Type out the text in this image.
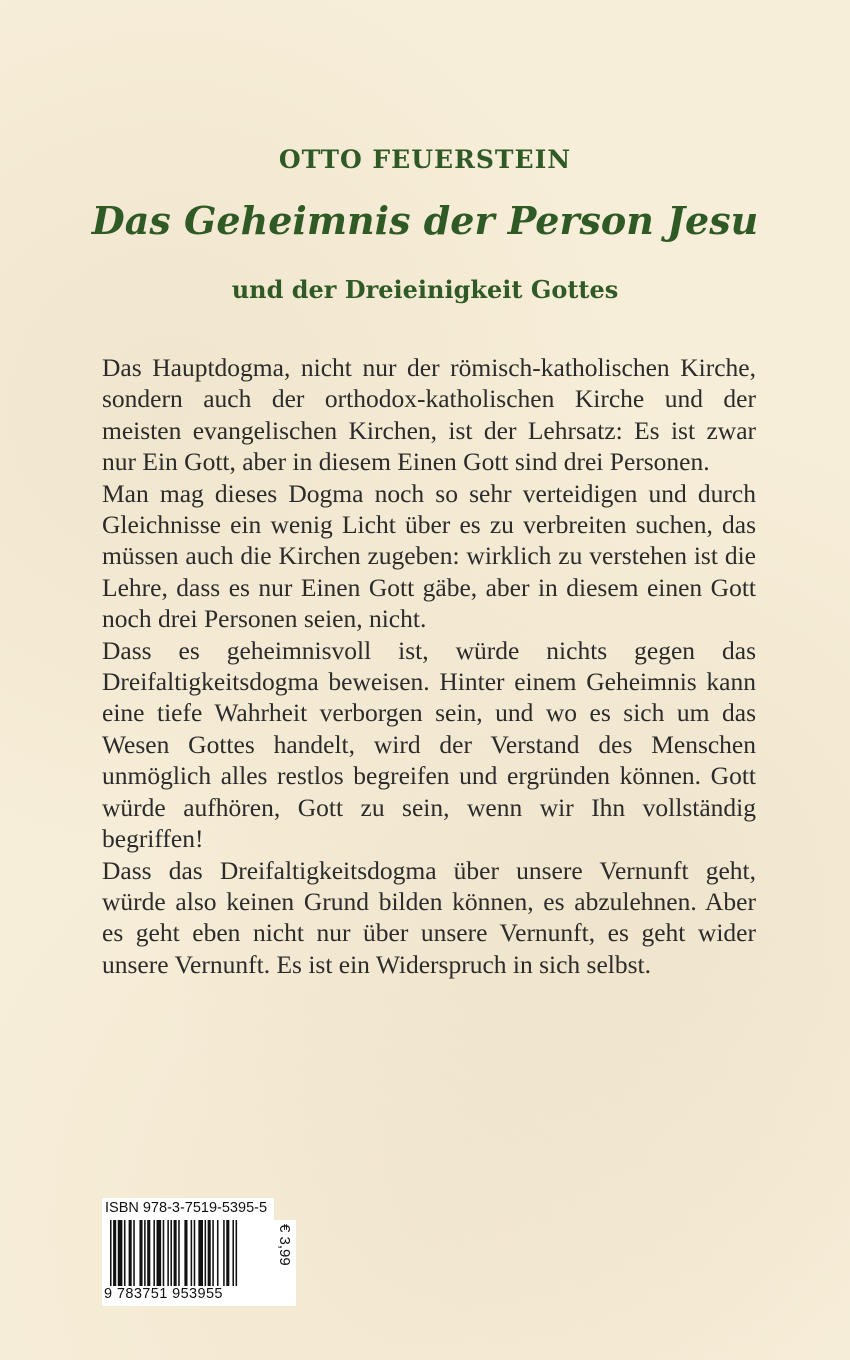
OTTO FEUERSTEIN
Das Geheimnis der Person Jesu
und der Dreieinigkeit Gottes

Das Hauptdogma, nicht nur der römisch-katholischen Kirche, sondern auch der orthodox-katholischen Kirche und der meisten evangelischen Kirchen, ist der Lehrsatz: Es ist zwar nur Ein Gott, aber in diesem Einen Gott sind drei Personen.

Man mag dieses Dogma noch so sehr verteidigen und durch Gleichnisse ein wenig Licht über es zu verbreiten suchen, das müssen auch die Kirchen zugeben: wirklich zu verstehen ist die Lehre, dass es nur Einen Gott gäbe, aber in diesem einen Gott noch drei Personen seien, nicht.

Dass es geheimnisvoll ist, würde nichts gegen das Dreifaltigkeitsdogma beweisen. Hinter einem Geheimnis kann eine tiefe Wahrheit verborgen sein, und wo es sich um das Wesen Gottes handelt, wird der Verstand des Menschen unmöglich alles restlos begreifen und ergründen können. Gott würde aufhören, Gott zu sein, wenn wir Ihn vollständig begriffen!

Dass das Dreifaltigkeitsdogma über unsere Vernunft geht, würde also keinen Grund bilden können, es abzulehnen. Aber es geht eben nicht nur über unsere Vernunft, es geht wider unsere Vernunft. Es ist ein Widerspruch in sich selbst.

ISBN 978-3-7519-5395-5
9 783751 953955
€ 3,99
